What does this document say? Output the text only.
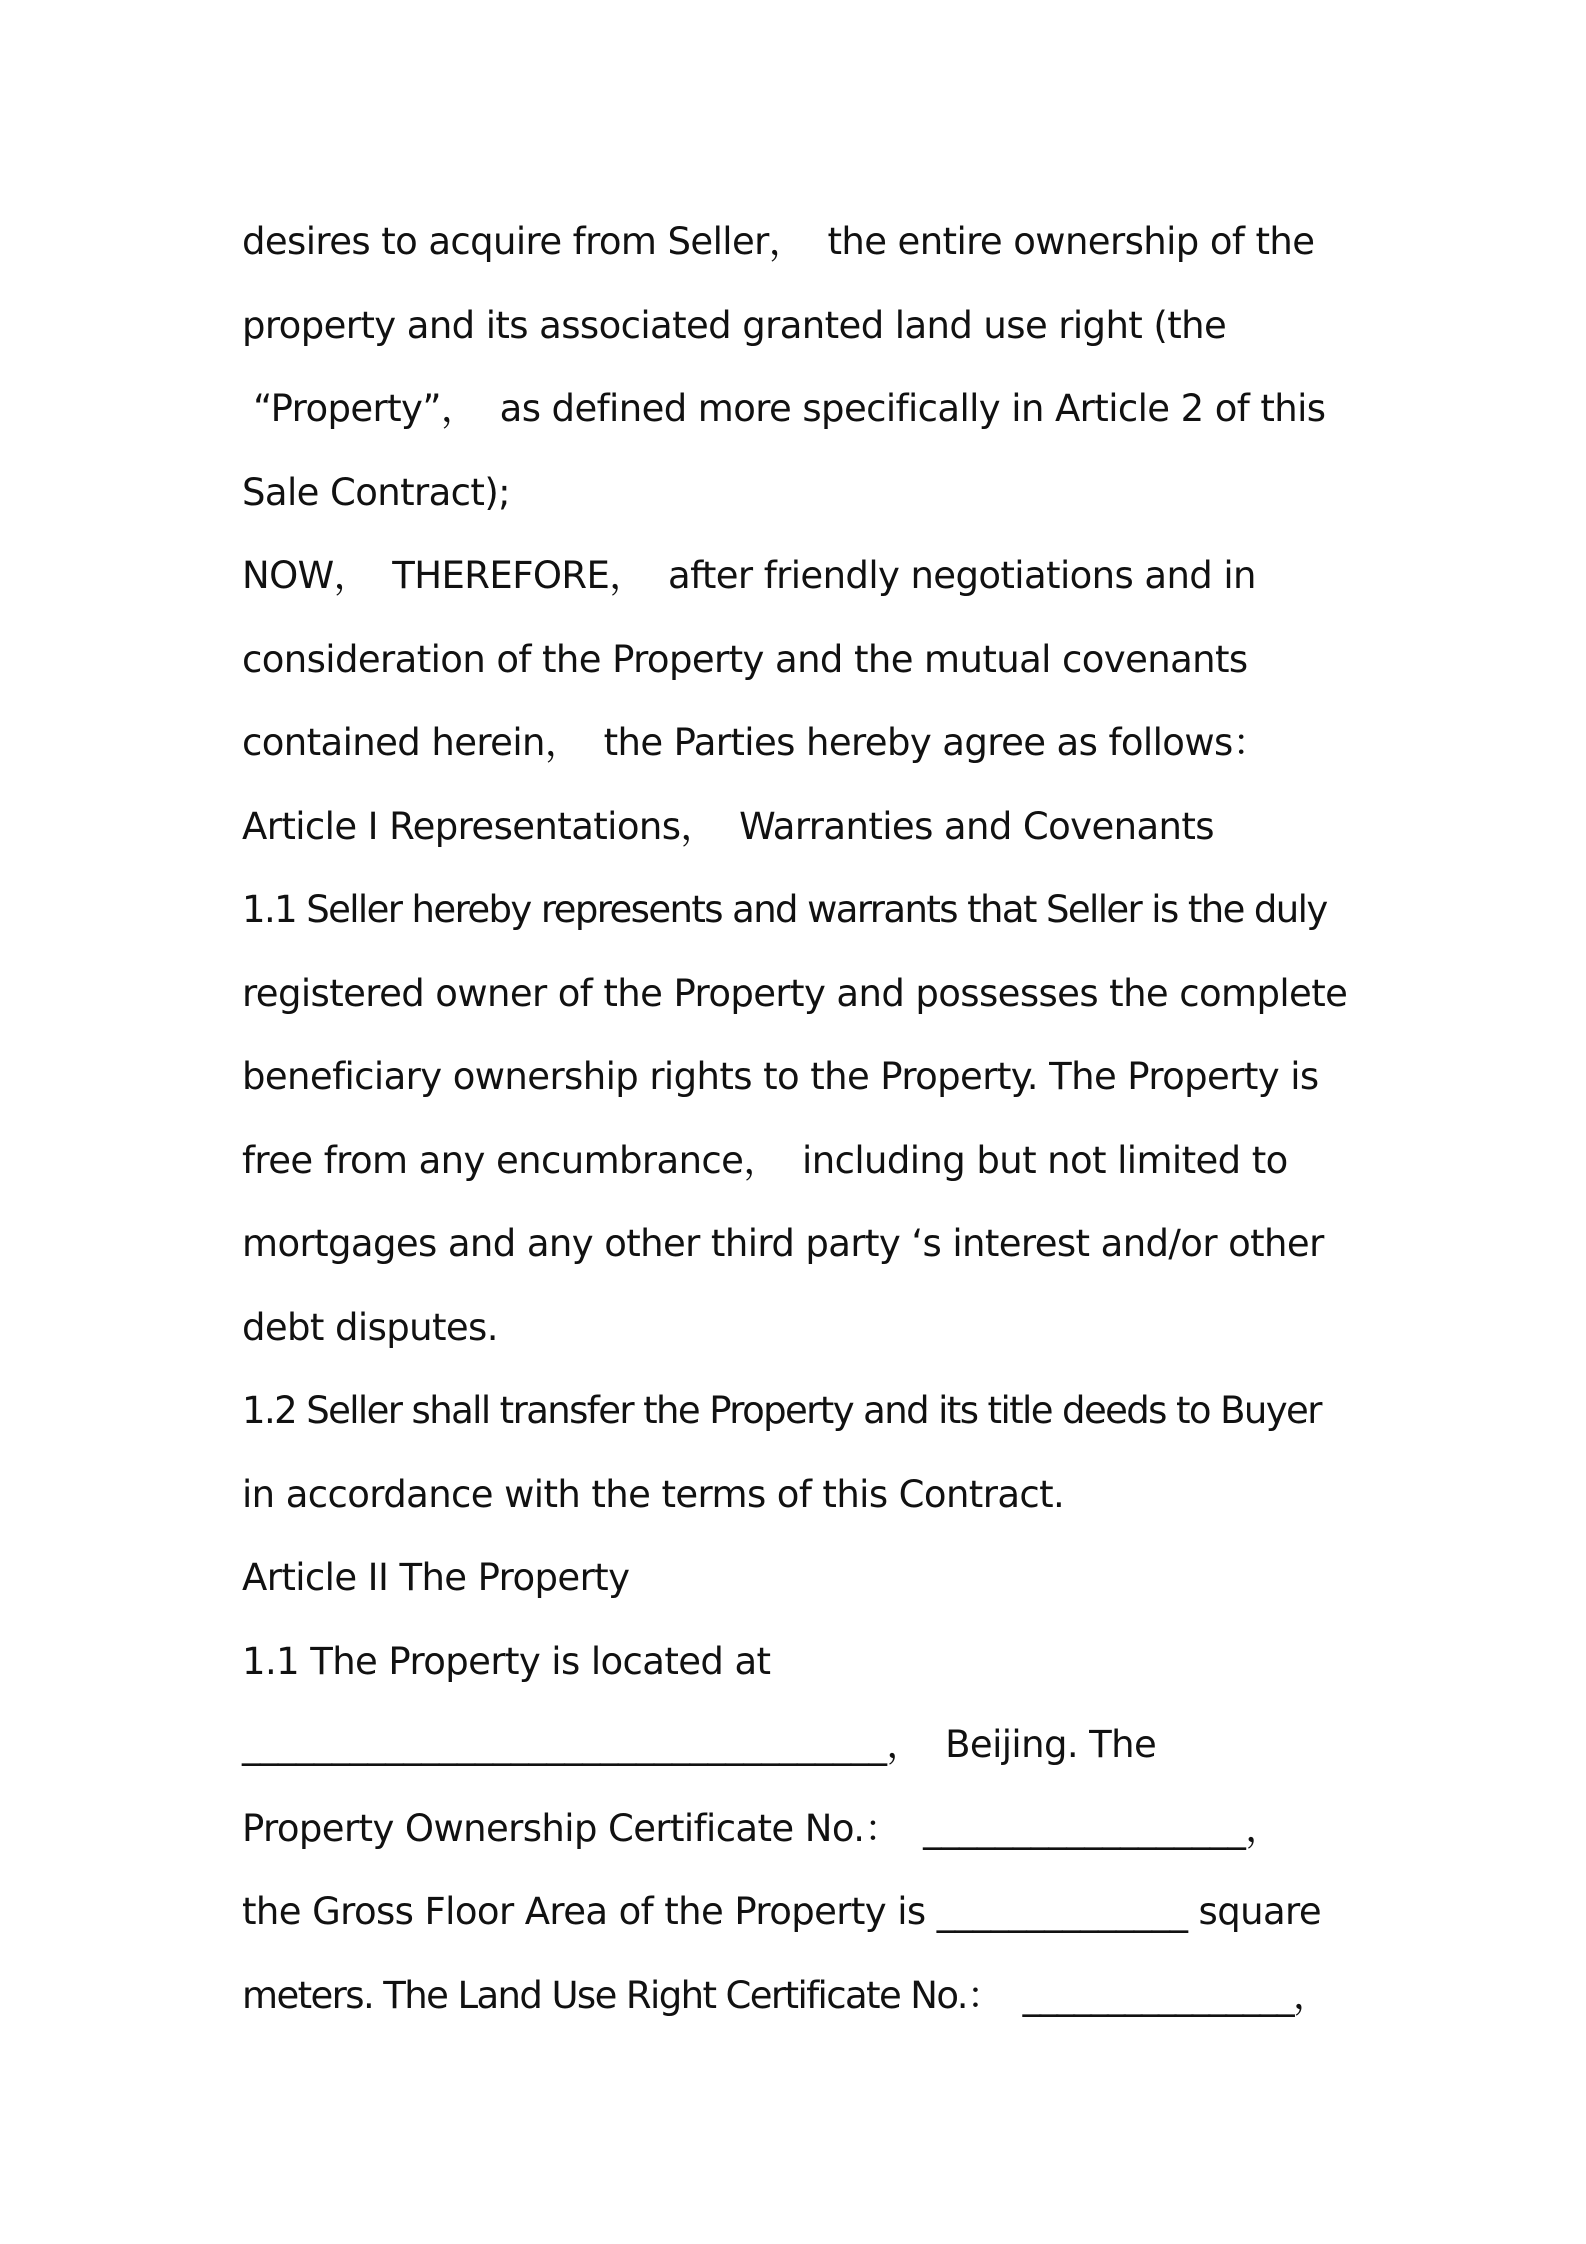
desires to acquire from Seller，  the entire ownership of the
property and its associated granted land use right (the
“Property”，  as defined more specifically in Article 2 of this
Sale Contract);
NOW，  THEREFORE，  after friendly negotiations and in
consideration of the Property and the mutual covenants
contained herein，  the Parties hereby agree as follows：
Article I Representations，  Warranties and Covenants
1.1 Seller hereby represents and warrants that Seller is the duly
registered owner of the Property and possesses the complete
beneficiary ownership rights to the Property. The Property is
free from any encumbrance，  including but not limited to
mortgages and any other third party ‘s interest and/or other
debt disputes.
1.2 Seller shall transfer the Property and its title deeds to Buyer
in accordance with the terms of this Contract.
Article II The Property
1.1 The Property is located at
____________________________________，  Beijing. The
Property Ownership Certificate No.：  __________________，
the Gross Floor Area of the Property is ______________ square
meters. The Land Use Right Certificate No.：  ________________，
